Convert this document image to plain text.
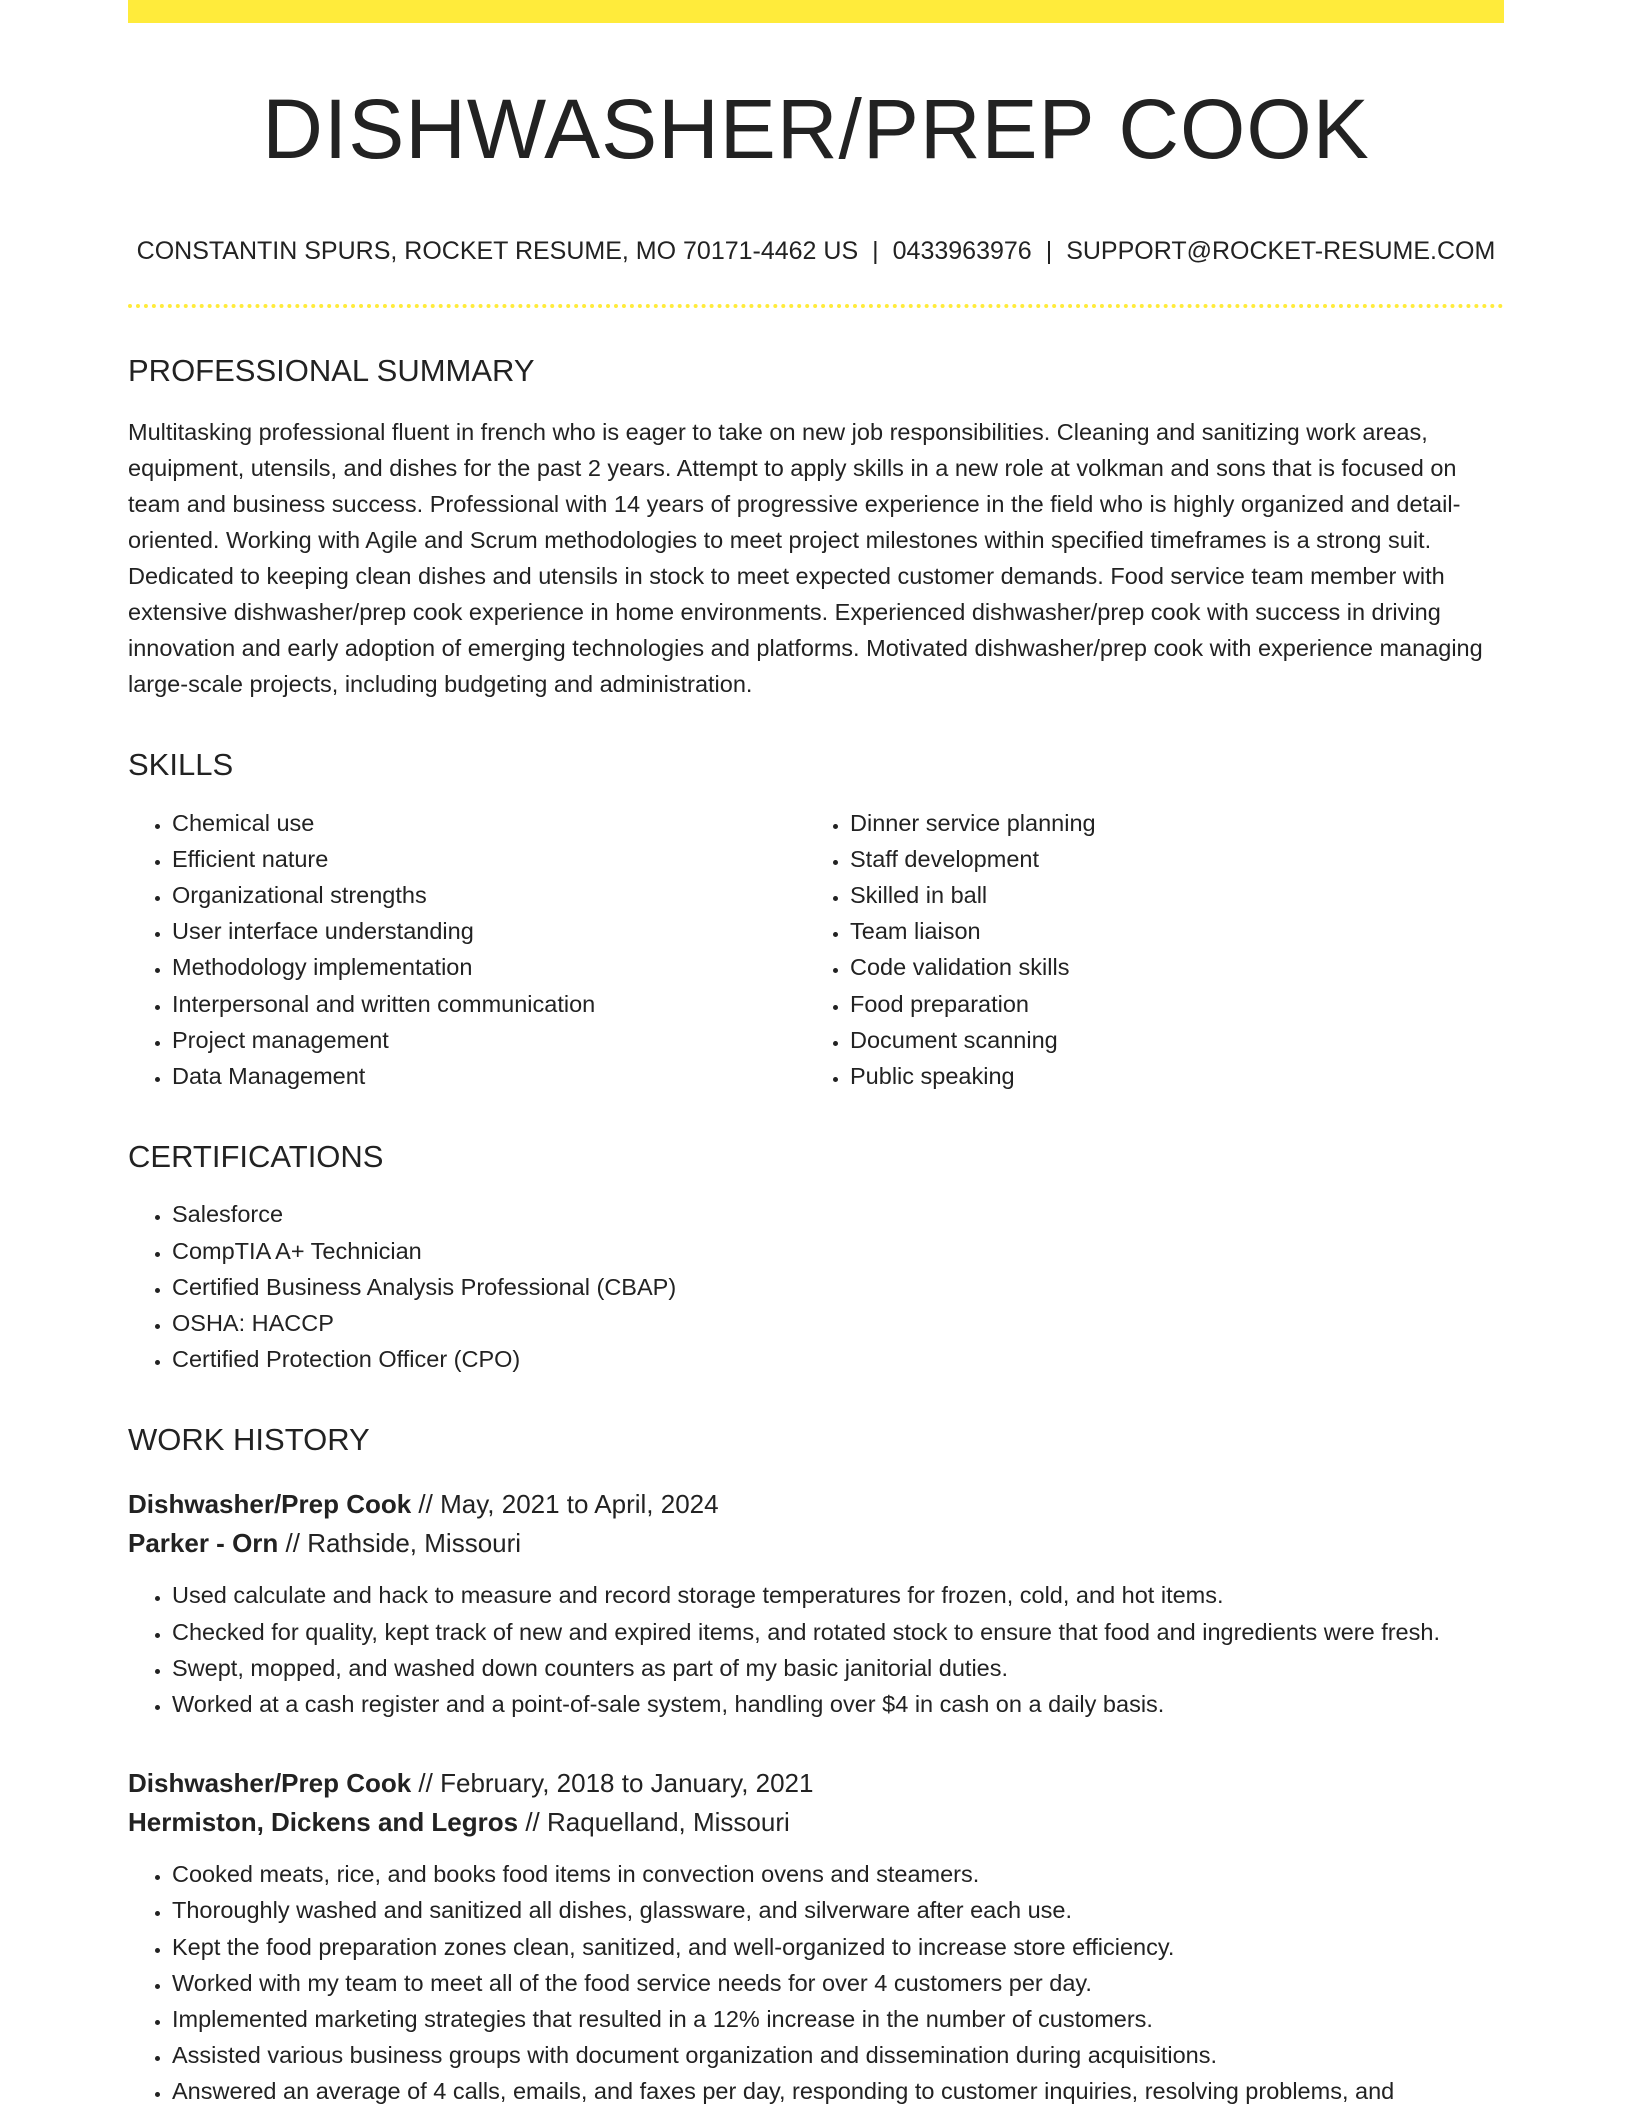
DISHWASHER/PREP COOK
CONSTANTIN SPURS, ROCKET RESUME, MO 70171-4462 US | 0433963976 | SUPPORT@ROCKET-RESUME.COM
PROFESSIONAL SUMMARY

Multitasking professional fluent in french who is eager to take on new job responsibilities. Cleaning and sanitizing work areas, equipment, utensils, and dishes for the past 2 years. Attempt to apply skills in a new role at volkman and sons that is focused on team and business success. Professional with 14 years of progressive experience in the field who is highly organized and detail-oriented. Working with Agile and Scrum methodologies to meet project milestones within specified timeframes is a strong suit. Dedicated to keeping clean dishes and utensils in stock to meet expected customer demands. Food service team member with extensive dishwasher/prep cook experience in home environments. Experienced dishwasher/prep cook with success in driving innovation and early adoption of emerging technologies and platforms. Motivated dishwasher/prep cook with experience managing large-scale projects, including budgeting and administration.

SKILLS
• Chemical use
• Efficient nature
• Organizational strengths
• User interface understanding
• Methodology implementation
• Interpersonal and written communication
• Project management
• Data Management
• Dinner service planning
• Staff development
• Skilled in ball
• Team liaison
• Code validation skills
• Food preparation
• Document scanning
• Public speaking
CERTIFICATIONS
• Salesforce
• CompTIA A+ Technician
• Certified Business Analysis Professional (CBAP)
• OSHA: HACCP
• Certified Protection Officer (CPO)
WORK HISTORY
Dishwasher/Prep Cook // May, 2021 to April, 2024
Parker - Orn // Rathside, Missouri
• Used calculate and hack to measure and record storage temperatures for frozen, cold, and hot items.
• Checked for quality, kept track of new and expired items, and rotated stock to ensure that food and ingredients were fresh.
• Swept, mopped, and washed down counters as part of my basic janitorial duties.
• Worked at a cash register and a point-of-sale system, handling over $4 in cash on a daily basis.
Dishwasher/Prep Cook // February, 2018 to January, 2021
Hermiston, Dickens and Legros // Raquelland, Missouri
• Cooked meats, rice, and books food items in convection ovens and steamers.
• Thoroughly washed and sanitized all dishes, glassware, and silverware after each use.
• Kept the food preparation zones clean, sanitized, and well-organized to increase store efficiency.
• Worked with my team to meet all of the food service needs for over 4 customers per day.
• Implemented marketing strategies that resulted in a 12% increase in the number of customers.
• Assisted various business groups with document organization and dissemination during acquisitions.
• Answered an average of 4 calls, emails, and faxes per day, responding to customer inquiries, resolving problems, and
